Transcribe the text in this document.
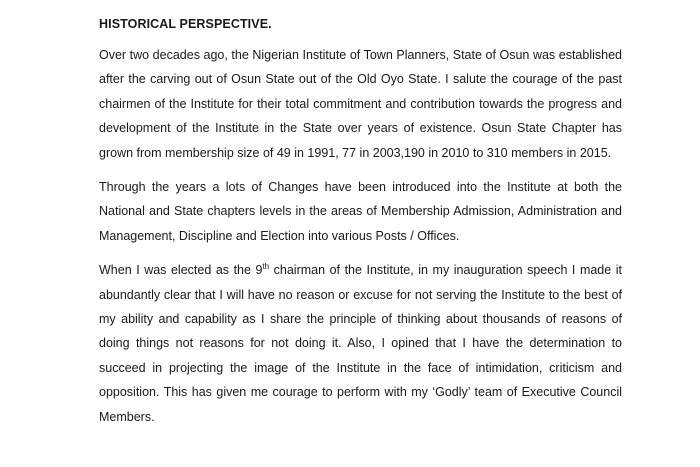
HISTORICAL PERSPECTIVE.

Over two decades ago, the Nigerian Institute of Town Planners, State of Osun was established after the carving out of Osun State out of the Old Oyo State. I salute the courage of the past chairmen of the Institute for their total commitment and contribution towards the progress and development of the Institute in the State over years of existence. Osun State Chapter has grown from membership size of 49 in 1991, 77 in 2003,190 in 2010 to 310 members in 2015.

Through the years a lots of Changes have been introduced into the Institute at both the National and State chapters levels in the areas of Membership Admission, Administration and Management, Discipline and Election into various Posts / Offices.

When I was elected as the 9th chairman of the Institute, in my inauguration speech I made it abundantly clear that I will have no reason or excuse for not serving the Institute to the best of my ability and capability as I share the principle of thinking about thousands of reasons of doing things not reasons for not doing it. Also, I opined that I have the determination to succeed in projecting the image of the Institute in the face of intimidation, criticism and opposition. This has given me courage to perform with my ‘Godly’ team of Executive Council Members.
